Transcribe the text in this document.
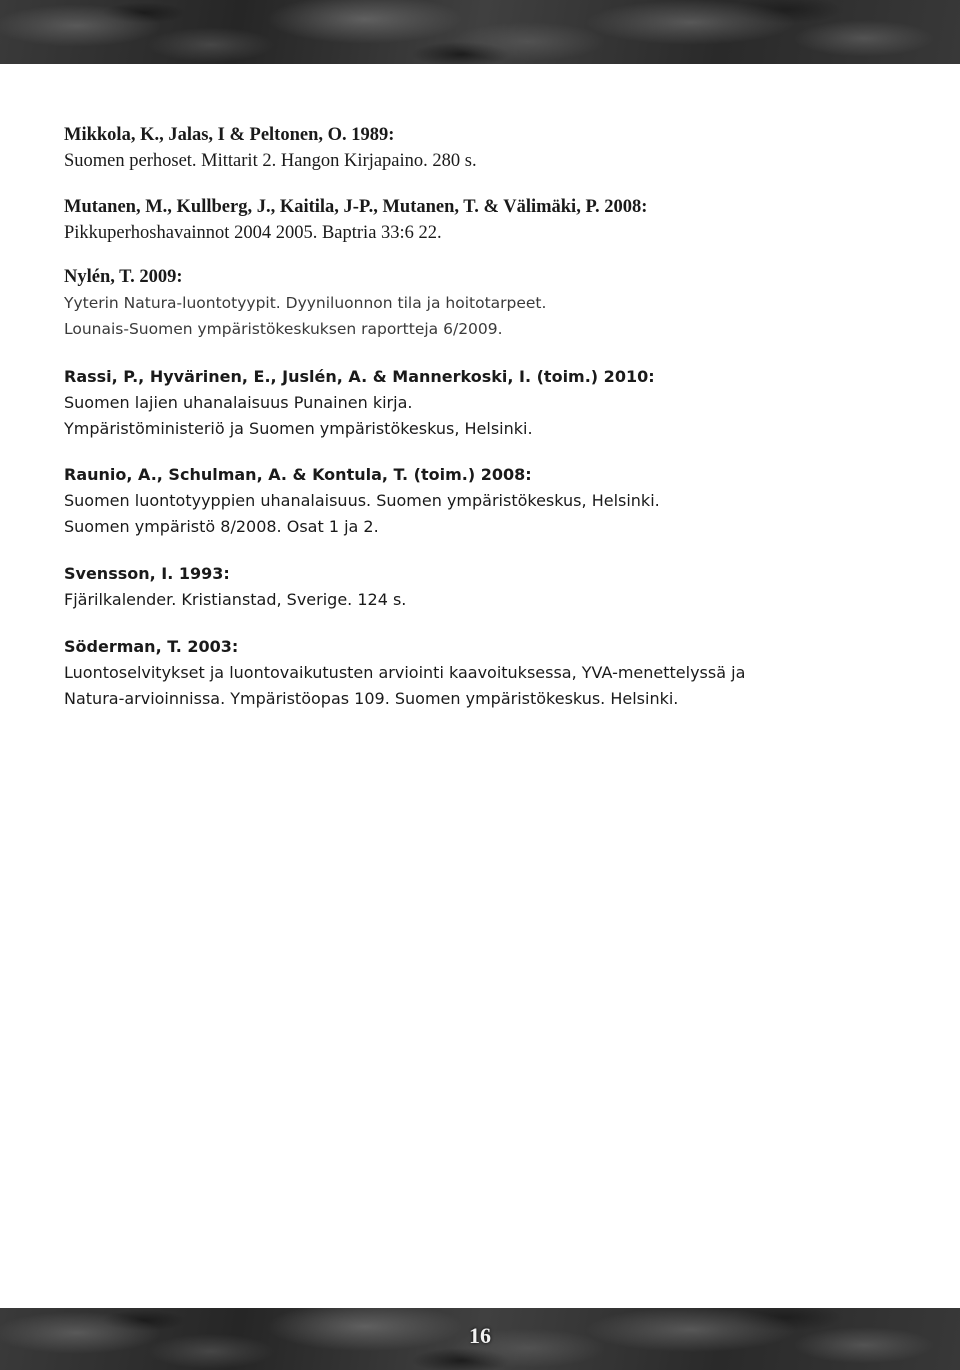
Mikkola, K., Jalas, I & Peltonen, O. 1989:
Suomen perhoset. Mittarit 2. Hangon Kirjapaino. 280 s.
Mutanen, M., Kullberg, J., Kaitila, J-P., Mutanen, T. & Välimäki, P. 2008:
Pikkuperhoshavainnot 2004 2005. Baptria 33:6 22.
Nylén, T. 2009:
Yyterin Natura-luontotyypit. Dyyniluonnon tila ja hoitotarpeet.
Lounais-Suomen ympäristökeskuksen raportteja 6/2009.
Rassi, P., Hyvärinen, E., Juslén, A. & Mannerkoski, I. (toim.) 2010:
Suomen lajien uhanalaisuus Punainen kirja.
Ympäristöministeriö ja Suomen ympäristökeskus, Helsinki.
Raunio, A., Schulman, A. & Kontula, T. (toim.) 2008:
Suomen luontotyyppien uhanalaisuus. Suomen ympäristökeskus, Helsinki.
Suomen ympäristö 8/2008. Osat 1 ja 2.
Svensson, I. 1993:
Fjärilkalender. Kristianstad, Sverige. 124 s.
Söderman, T. 2003:
Luontoselvitykset ja luontovaikutusten arviointi kaavoituksessa, YVA-menettelyssä ja
Natura-arvioinnissa. Ympäristöopas 109. Suomen ympäristökeskus. Helsinki.
16
